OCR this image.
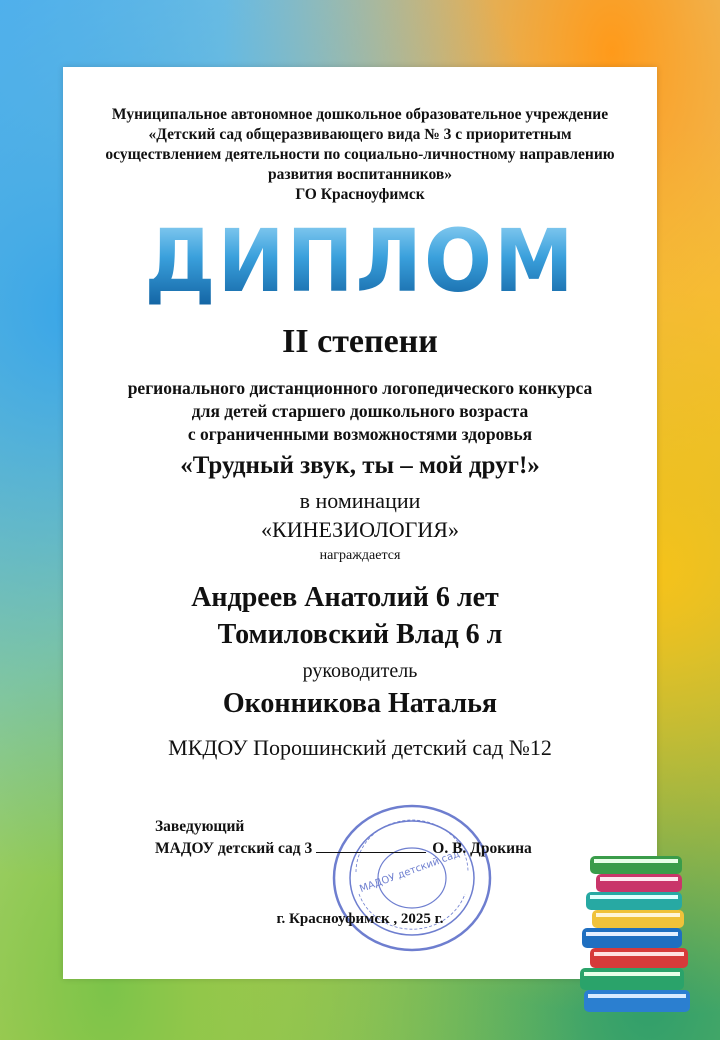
Муниципальное автономное дошкольное образовательное учреждение
«Детский сад общеразвивающего вида № 3 с приоритетным
осуществлением деятельности по социально-личностному направлению
развития воспитанников»
ГО Красноуфимск
ДИПЛОМ
II степени
регионального дистанционного логопедического конкурса
для детей старшего дошкольного возраста
с ограниченными возможностями здоровья
«Трудный звук, ты – мой друг!»
в номинации
«КИНЕЗИОЛОГИЯ»
награждается
Андреев Анатолий 6 лет
Томиловский Влад 6 л
руководитель
Оконникова Наталья
МКДОУ Порошинский детский сад №12
МАДОУ детский сад
Заведующий
МАДОУ детский сад 3	О. В. Дрокина
г. Красноуфимск , 2025 г.
